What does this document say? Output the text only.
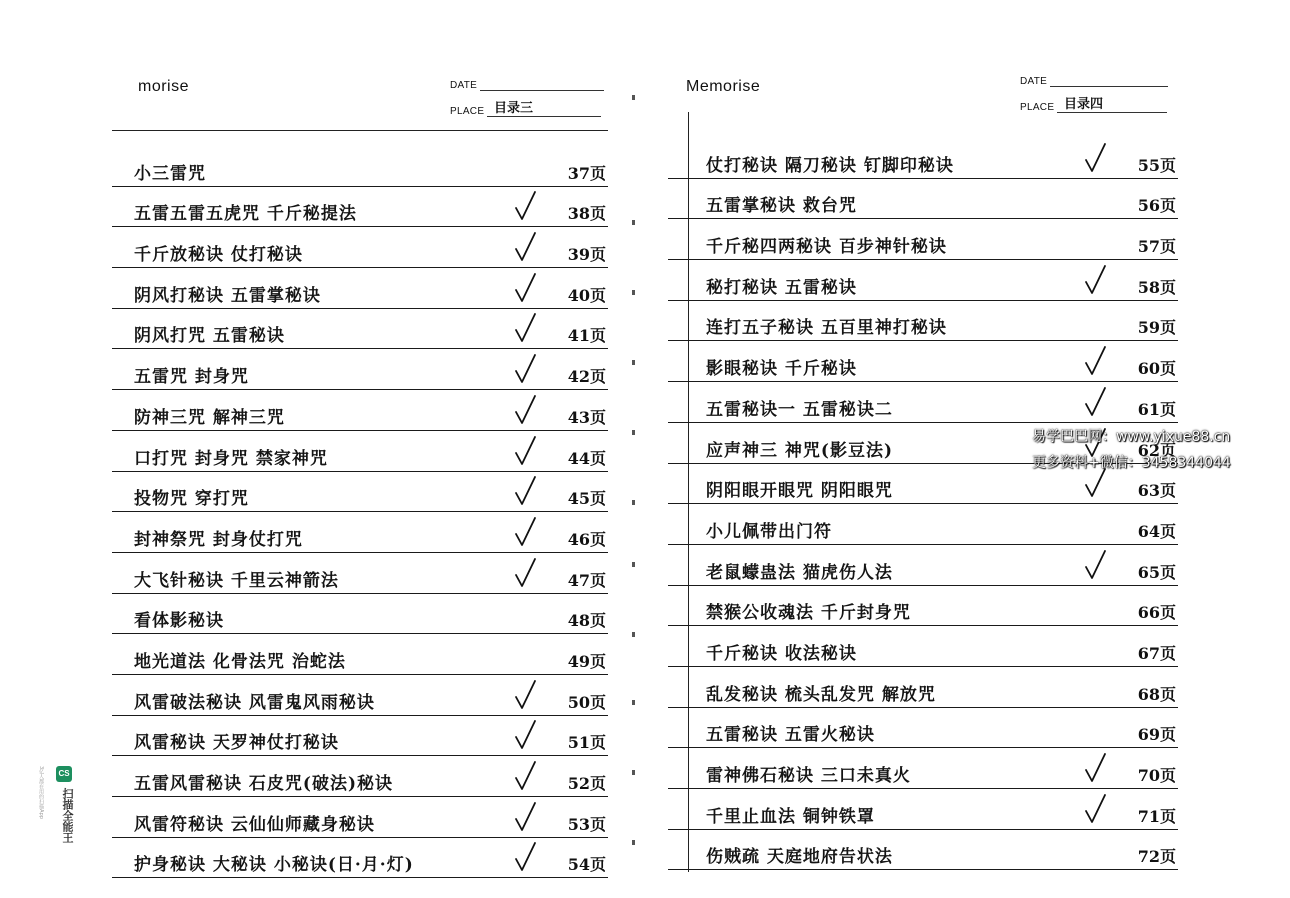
morise	DATE
PLACE 目录三
小三雷咒	37页
五雷五雷五虎咒 千斤秘提法	38页
千斤放秘诀 仗打秘诀	39页
阴风打秘诀 五雷掌秘诀	40页
阴风打咒 五雷秘诀	41页
五雷咒 封身咒	42页
防神三咒 解神三咒	43页
口打咒 封身咒 禁家神咒	44页
投物咒 穿打咒	45页
封神祭咒 封身仗打咒	46页
大飞针秘诀 千里云神箭法	47页
看体影秘诀	48页
地光道法 化骨法咒 治蛇法	49页
风雷破法秘诀 风雷鬼风雨秘诀	50页
风雷秘诀 天罗神仗打秘诀	51页
五雷风雷秘诀 石皮咒(破法)秘诀	52页
风雷符秘诀 云仙仙师藏身秘诀	53页
护身秘诀 大秘诀 小秘诀(日·月·灯)	54页
Memorise	DATE
PLACE 目录四
仗打秘诀 隔刀秘诀 钉脚印秘诀	55页
五雷掌秘诀 救台咒	56页
千斤秘四两秘诀 百步神针秘诀	57页
秘打秘诀 五雷秘诀	58页
连打五子秘诀 五百里神打秘诀	59页
影眼秘诀 千斤秘诀	60页
五雷秘诀一 五雷秘诀二	61页
应声神三 神咒(影豆法)	62页
阴阳眼开眼咒 阴阳眼咒	63页
小儿佩带出门符	64页
老鼠蠓蛊法 猫虎伤人法	65页
禁猴公收魂法 千斤封身咒	66页
千斤秘诀 收法秘诀	67页
乱发秘诀 梳头乱发咒 解放咒	68页
五雷秘诀 五雷火秘诀	69页
雷神佛石秘诀 三口未真火	70页
千里止血法 铜钟铁罩	71页
伤贼疏 天庭地府告状法	72页
易学巴巴网：www.yixue88.cn
更多资料+微信：3458344044
3亿人都在用的扫描App	CS
扫描全能王
